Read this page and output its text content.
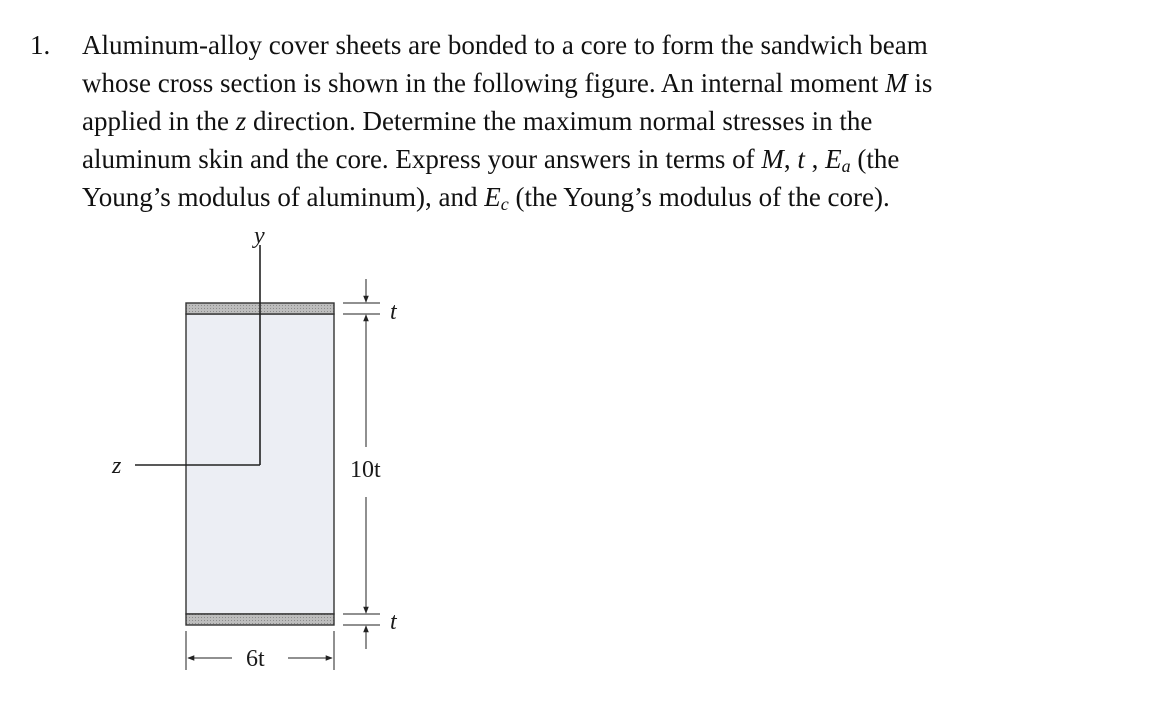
1. Aluminum-alloy cover sheets are bonded to a core to form the sandwich beam
whose cross section is shown in the following figure. An internal moment M is
applied in the z direction. Determine the maximum normal stresses in the
aluminum skin and the core. Express your answers in terms of M, t , $E_a$ (the
Young’s modulus of aluminum), and $E_c$ (the Young’s modulus of the core).
y
z
t
10t
t
6t
